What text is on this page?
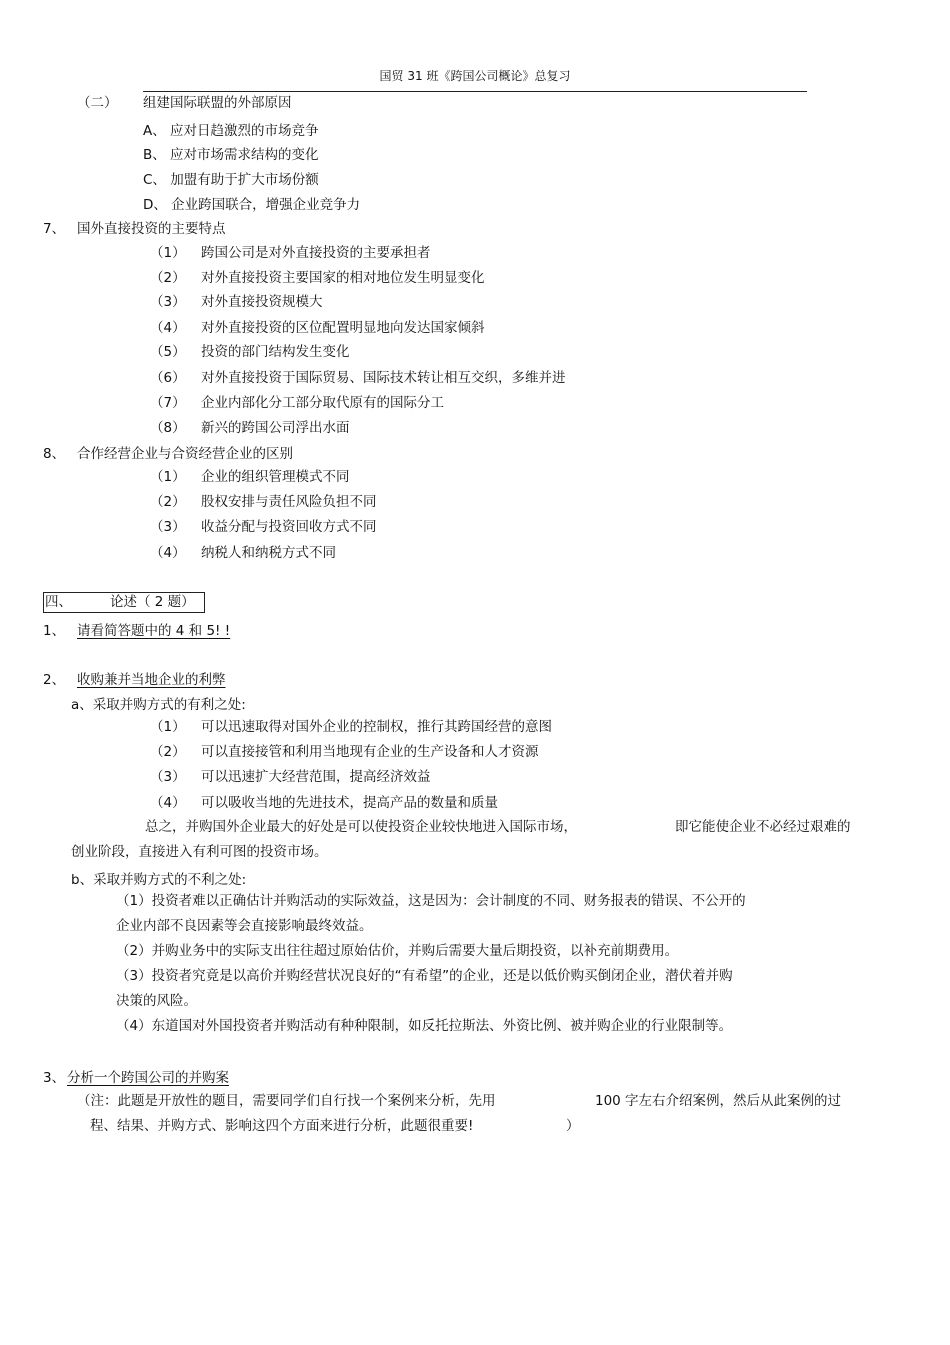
国贸 31 班《跨国公司概论》总复习
（二） 组建国际联盟的外部原因
A、 应对日趋激烈的市场竞争
B、 应对市场需求结构的变化
C、 加盟有助于扩大市场份额
D、 企业跨国联合，增强企业竞争力
7、 国外直接投资的主要特点
（1） 跨国公司是对外直接投资的主要承担者
（2） 对外直接投资主要国家的相对地位发生明显变化
（3） 对外直接投资规模大
（4） 对外直接投资的区位配置明显地向发达国家倾斜
（5） 投资的部门结构发生变化
（6） 对外直接投资于国际贸易、国际技术转让相互交织，多维并进
（7） 企业内部化分工部分取代原有的国际分工
（8） 新兴的跨国公司浮出水面
8、 合作经营企业与合资经营企业的区别
（1） 企业的组织管理模式不同
（2） 股权安排与责任风险负担不同
（3） 收益分配与投资回收方式不同
（4） 纳税人和纳税方式不同
四、	论述（ 2 题）
1、 请看简答题中的 4 和 5! !
2、 收购兼并当地企业的利弊
a、采取并购方式的有利之处:
（1） 可以迅速取得对国外企业的控制权，推行其跨国经营的意图
（2） 可以直接接管和利用当地现有企业的生产设备和人才资源
（3） 可以迅速扩大经营范围，提高经济效益
（4） 可以吸收当地的先进技术，提高产品的数量和质量
总之，并购国外企业最大的好处是可以使投资企业较快地进入国际市场，	即它能使企业不必经过艰难的
创业阶段，直接进入有利可图的投资市场。
b、采取并购方式的不利之处:
（1）投资者难以正确估计并购活动的实际效益，这是因为：会计制度的不同、财务报表的错误、不公开的
企业内部不良因素等会直接影响最终效益。
（2）并购业务中的实际支出往往超过原始估价，并购后需要大量后期投资，以补充前期费用。
（3）投资者究竟是以高价并购经营状况良好的“有希望”的企业，还是以低价购买倒闭企业，潜伏着并购
决策的风险。
（4）东道国对外国投资者并购活动有种种限制，如反托拉斯法、外资比例、被并购企业的行业限制等。
3、 分析一个跨国公司的并购案
（注：此题是开放性的题目，需要同学们自行找一个案例来分析，先用	100 字左右介绍案例，然后从此案例的过
程、结果、并购方式、影响这四个方面来进行分析，此题很重要!	）
